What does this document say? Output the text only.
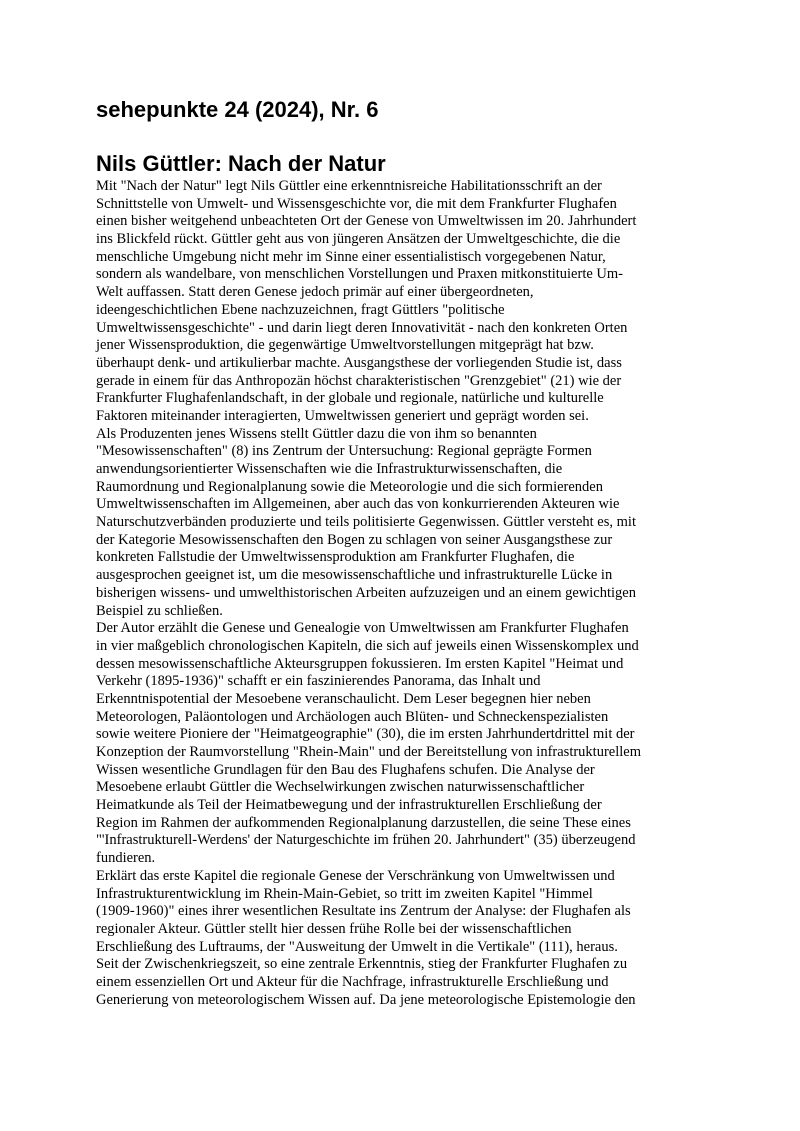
sehepunkte 24 (2024), Nr. 6
Nils Güttler: Nach der Natur
Mit "Nach der Natur" legt Nils Güttler eine erkenntnisreiche Habilitationsschrift an der
Schnittstelle von Umwelt- und Wissensgeschichte vor, die mit dem Frankfurter Flughafen
einen bisher weitgehend unbeachteten Ort der Genese von Umweltwissen im 20. Jahrhundert
ins Blickfeld rückt. Güttler geht aus von jüngeren Ansätzen der Umweltgeschichte, die die
menschliche Umgebung nicht mehr im Sinne einer essentialistisch vorgegebenen Natur,
sondern als wandelbare, von menschlichen Vorstellungen und Praxen mitkonstituierte Um-
Welt auffassen. Statt deren Genese jedoch primär auf einer übergeordneten,
ideengeschichtlichen Ebene nachzuzeichnen, fragt Güttlers "politische
Umweltwissensgeschichte" - und darin liegt deren Innovativität - nach den konkreten Orten
jener Wissensproduktion, die gegenwärtige Umweltvorstellungen mitgeprägt hat bzw.
überhaupt denk- und artikulierbar machte. Ausgangsthese der vorliegenden Studie ist, dass
gerade in einem für das Anthropozän höchst charakteristischen "Grenzgebiet" (21) wie der
Frankfurter Flughafenlandschaft, in der globale und regionale, natürliche und kulturelle
Faktoren miteinander interagierten, Umweltwissen generiert und geprägt worden sei.
Als Produzenten jenes Wissens stellt Güttler dazu die von ihm so benannten
"Mesowissenschaften" (8) ins Zentrum der Untersuchung: Regional geprägte Formen
anwendungsorientierter Wissenschaften wie die Infrastrukturwissenschaften, die
Raumordnung und Regionalplanung sowie die Meteorologie und die sich formierenden
Umweltwissenschaften im Allgemeinen, aber auch das von konkurrierenden Akteuren wie
Naturschutzverbänden produzierte und teils politisierte Gegenwissen. Güttler versteht es, mit
der Kategorie Mesowissenschaften den Bogen zu schlagen von seiner Ausgangsthese zur
konkreten Fallstudie der Umweltwissensproduktion am Frankfurter Flughafen, die
ausgesprochen geeignet ist, um die mesowissenschaftliche und infrastrukturelle Lücke in
bisherigen wissens- und umwelthistorischen Arbeiten aufzuzeigen und an einem gewichtigen
Beispiel zu schließen.
Der Autor erzählt die Genese und Genealogie von Umweltwissen am Frankfurter Flughafen
in vier maßgeblich chronologischen Kapiteln, die sich auf jeweils einen Wissenskomplex und
dessen mesowissenschaftliche Akteursgruppen fokussieren. Im ersten Kapitel "Heimat und
Verkehr (1895-1936)" schafft er ein faszinierendes Panorama, das Inhalt und
Erkenntnispotential der Mesoebene veranschaulicht. Dem Leser begegnen hier neben
Meteorologen, Paläontologen und Archäologen auch Blüten- und Schneckenspezialisten
sowie weitere Pioniere der "Heimatgeographie" (30), die im ersten Jahrhundertdrittel mit der
Konzeption der Raumvorstellung "Rhein-Main" und der Bereitstellung von infrastrukturellem
Wissen wesentliche Grundlagen für den Bau des Flughafens schufen. Die Analyse der
Mesoebene erlaubt Güttler die Wechselwirkungen zwischen naturwissenschaftlicher
Heimatkunde als Teil der Heimatbewegung und der infrastrukturellen Erschließung der
Region im Rahmen der aufkommenden Regionalplanung darzustellen, die seine These eines
"'Infrastrukturell-Werdens' der Naturgeschichte im frühen 20. Jahrhundert" (35) überzeugend
fundieren.
Erklärt das erste Kapitel die regionale Genese der Verschränkung von Umweltwissen und
Infrastrukturentwicklung im Rhein-Main-Gebiet, so tritt im zweiten Kapitel "Himmel
(1909-1960)" eines ihrer wesentlichen Resultate ins Zentrum der Analyse: der Flughafen als
regionaler Akteur. Güttler stellt hier dessen frühe Rolle bei der wissenschaftlichen
Erschließung des Luftraums, der "Ausweitung der Umwelt in die Vertikale" (111), heraus.
Seit der Zwischenkriegszeit, so eine zentrale Erkenntnis, stieg der Frankfurter Flughafen zu
einem essenziellen Ort und Akteur für die Nachfrage, infrastrukturelle Erschließung und
Generierung von meteorologischem Wissen auf. Da jene meteorologische Epistemologie den
